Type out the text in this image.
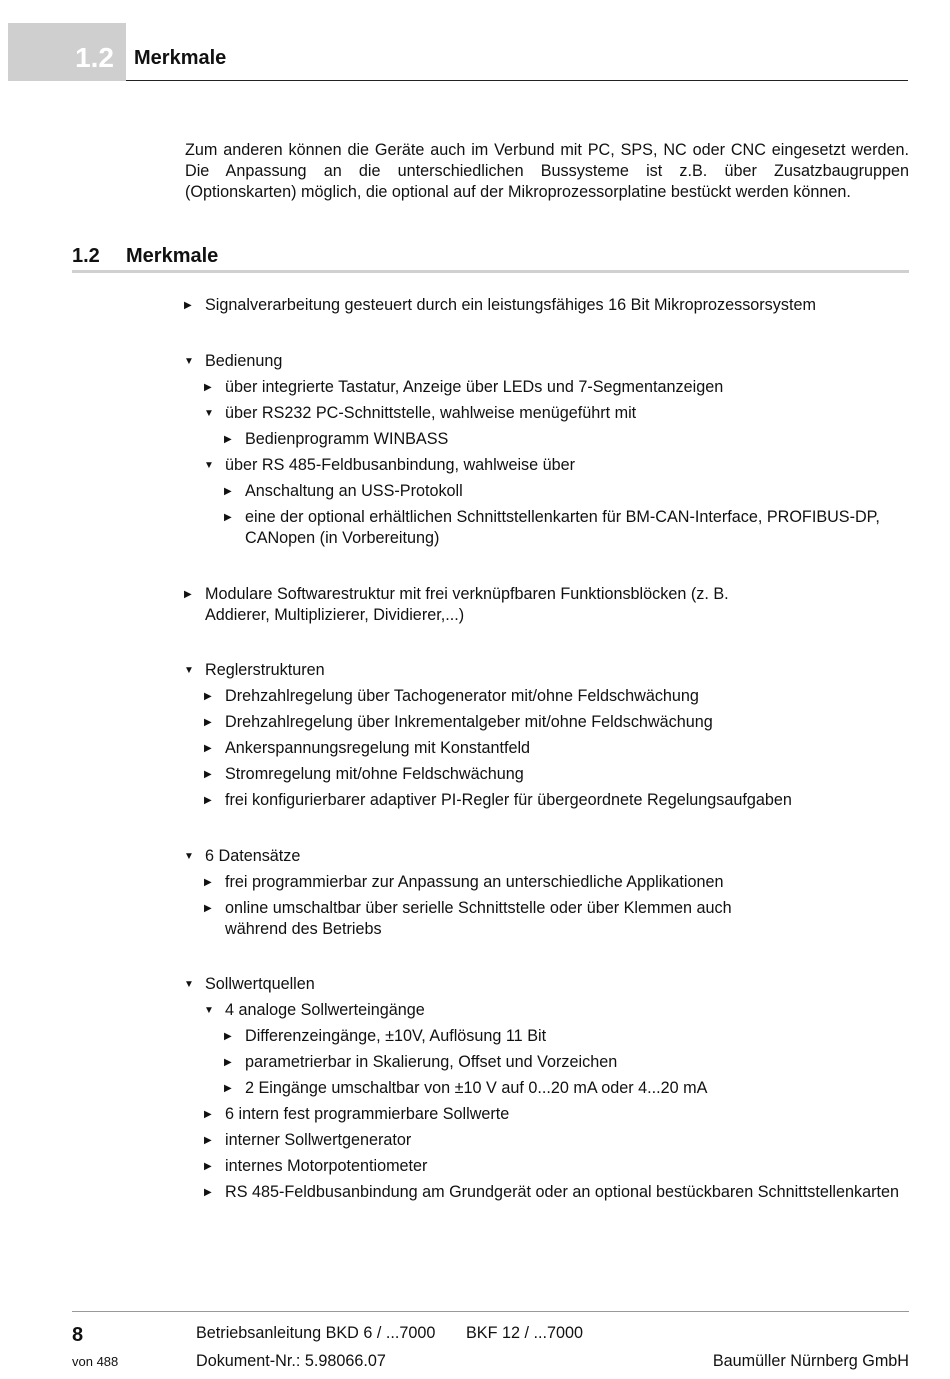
1.2	Merkmale
Zum anderen können die Geräte auch im Verbund mit PC, SPS, NC oder CNC eingesetzt werden. Die Anpassung an die unterschiedlichen Bussysteme ist z.B. über Zusatzbaugruppen (Optionskarten) möglich, die optional auf der Mikroprozessorplatine bestückt werden können.
1.2 Merkmale
▶ Signalverarbeitung gesteuert durch ein leistungsfähiges 16 Bit Mikroprozessorsystem
▼ Bedienung
▶ über integrierte Tastatur, Anzeige über LEDs und 7-Segmentanzeigen
▼ über RS232 PC-Schnittstelle, wahlweise menügeführt mit
▶ Bedienprogramm WINBASS
▼ über RS 485-Feldbusanbindung, wahlweise über
▶ Anschaltung an USS-Protokoll
▶ eine der optional erhältlichen Schnittstellenkarten für BM-CAN-Interface, PROFIBUS-DP, CANopen (in Vorbereitung)
▶ Modulare Softwarestruktur mit frei verknüpfbaren Funktionsblöcken (z. B. Addierer, Multiplizierer, Dividierer,...)
▼ Reglerstrukturen
▶ Drehzahlregelung über Tachogenerator mit/ohne Feldschwächung
▶ Drehzahlregelung über Inkrementalgeber mit/ohne Feldschwächung
▶ Ankerspannungsregelung mit Konstantfeld
▶ Stromregelung mit/ohne Feldschwächung
▶ frei konfigurierbarer adaptiver PI-Regler für übergeordnete Regelungsaufgaben
▼ 6 Datensätze
▶ frei programmierbar zur Anpassung an unterschiedliche Applikationen
▶ online umschaltbar über serielle Schnittstelle oder über Klemmen auch während des Betriebs
▼ Sollwertquellen
▼ 4 analoge Sollwerteingänge
▶ Differenzeingänge, ±10V, Auflösung 11 Bit
▶ parametrierbar in Skalierung, Offset und Vorzeichen
▶ 2 Eingänge umschaltbar von ±10 V auf 0...20 mA oder 4...20 mA
▶ 6 intern fest programmierbare Sollwerte
▶ interner Sollwertgenerator
▶ internes Motorpotentiometer
▶ RS 485-Feldbusanbindung am Grundgerät oder an optional bestückbaren Schnittstellenkarten
8
von 488
Betriebsanleitung BKD 6 / ...7000 BKF 12 / ...7000
Dokument-Nr.: 5.98066.07	Baumüller Nürnberg GmbH
